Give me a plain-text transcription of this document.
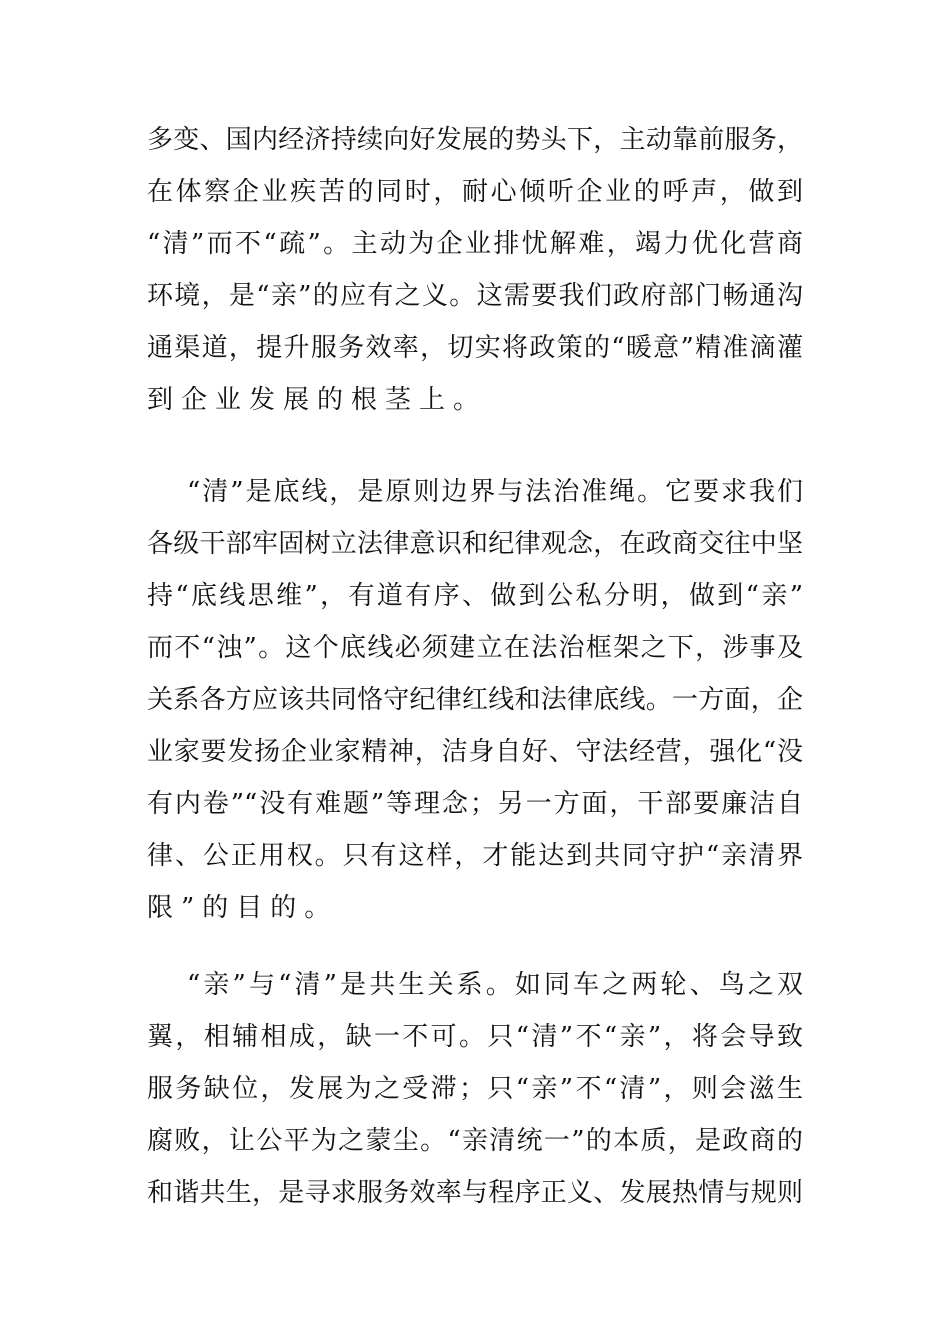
多变、国内经济持续向好发展的势头下，主动靠前服务，
在体察企业疾苦的同时，耐心倾听企业的呼声，做到
“清”而不“疏”。主动为企业排忧解难，竭力优化营商
环境，是“亲”的应有之义。这需要我们政府部门畅通沟
通渠道，提升服务效率，切实将政策的“暖意”精准滴灌
到企业发展的根茎上。
“清”是底线，是原则边界与法治准绳。它要求我们
各级干部牢固树立法律意识和纪律观念，在政商交往中坚
持“底线思维”，有道有序、做到公私分明，做到“亲”
而不“浊”。这个底线必须建立在法治框架之下，涉事及
关系各方应该共同恪守纪律红线和法律底线。一方面，企
业家要发扬企业家精神，洁身自好、守法经营，强化“没
有内卷”“没有难题”等理念；另一方面，干部要廉洁自
律、公正用权。只有这样，才能达到共同守护“亲清界
限”的目的。
“亲”与“清”是共生关系。如同车之两轮、鸟之双
翼，相辅相成，缺一不可。只“清”不“亲”，将会导致
服务缺位，发展为之受滞；只“亲”不“清”，则会滋生
腐败，让公平为之蒙尘。“亲清统一”的本质，是政商的
和谐共生，是寻求服务效率与程序正义、发展热情与规则
